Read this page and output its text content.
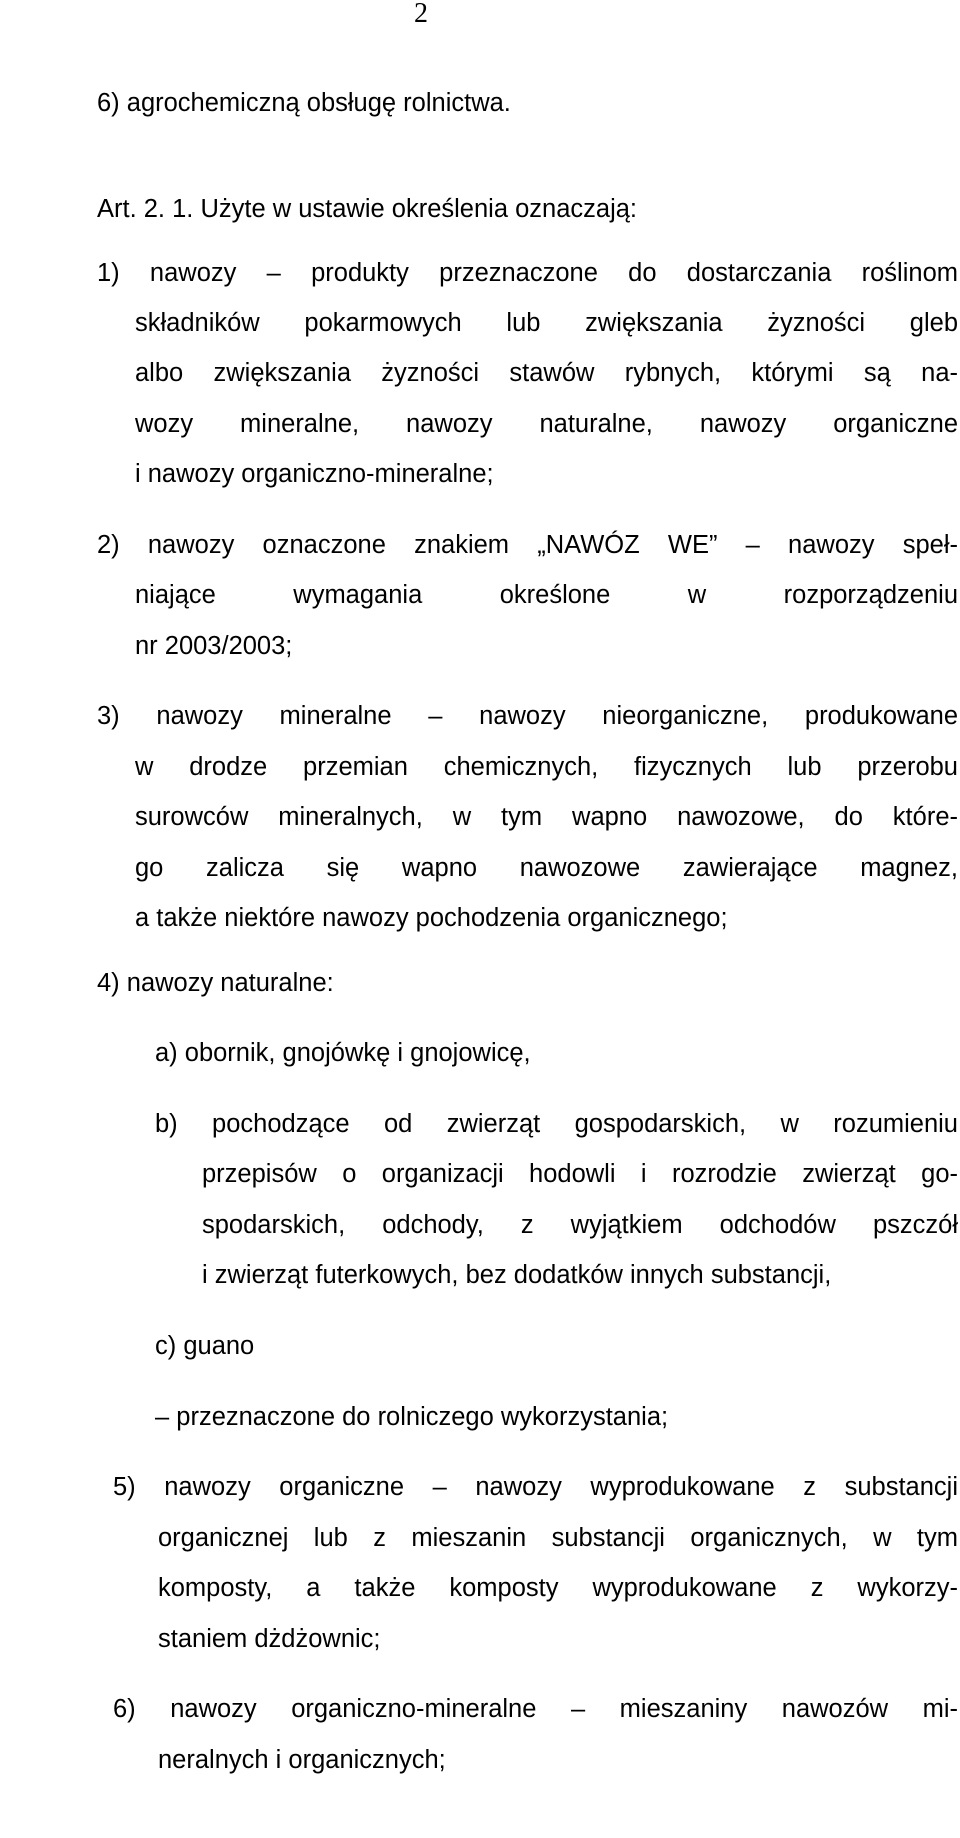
2
6) agrochemiczną obsługę rolnictwa.
Art. 2. 1. Użyte w ustawie określenia oznaczają:
1) nawozy – produkty przeznaczone do dostarczania roślinom
składników pokarmowych lub zwiększania żyzności gleb
albo zwiększania żyzności stawów rybnych, którymi są na-
wozy mineralne, nawozy naturalne, nawozy organiczne
i nawozy organiczno-mineralne;
2) nawozy oznaczone znakiem „NAWÓZ WE” – nawozy speł-
niające wymagania określone w rozporządzeniu
nr 2003/2003;
3) nawozy mineralne – nawozy nieorganiczne, produkowane
w drodze przemian chemicznych, fizycznych lub przerobu
surowców mineralnych, w tym wapno nawozowe, do które-
go zalicza się wapno nawozowe zawierające magnez,
a także niektóre nawozy pochodzenia organicznego;
4) nawozy naturalne:
a) obornik, gnojówkę i gnojowicę,
b) pochodzące od zwierząt gospodarskich, w rozumieniu
przepisów o organizacji hodowli i rozrodzie zwierząt go-
spodarskich, odchody, z wyjątkiem odchodów pszczół
i zwierząt futerkowych, bez dodatków innych substancji,
c) guano
– przeznaczone do rolniczego wykorzystania;
5) nawozy organiczne – nawozy wyprodukowane z substancji
organicznej lub z mieszanin substancji organicznych, w tym
komposty, a także komposty wyprodukowane z wykorzy-
staniem dżdżownic;
6) nawozy organiczno-mineralne – mieszaniny nawozów mi-
neralnych i organicznych;
